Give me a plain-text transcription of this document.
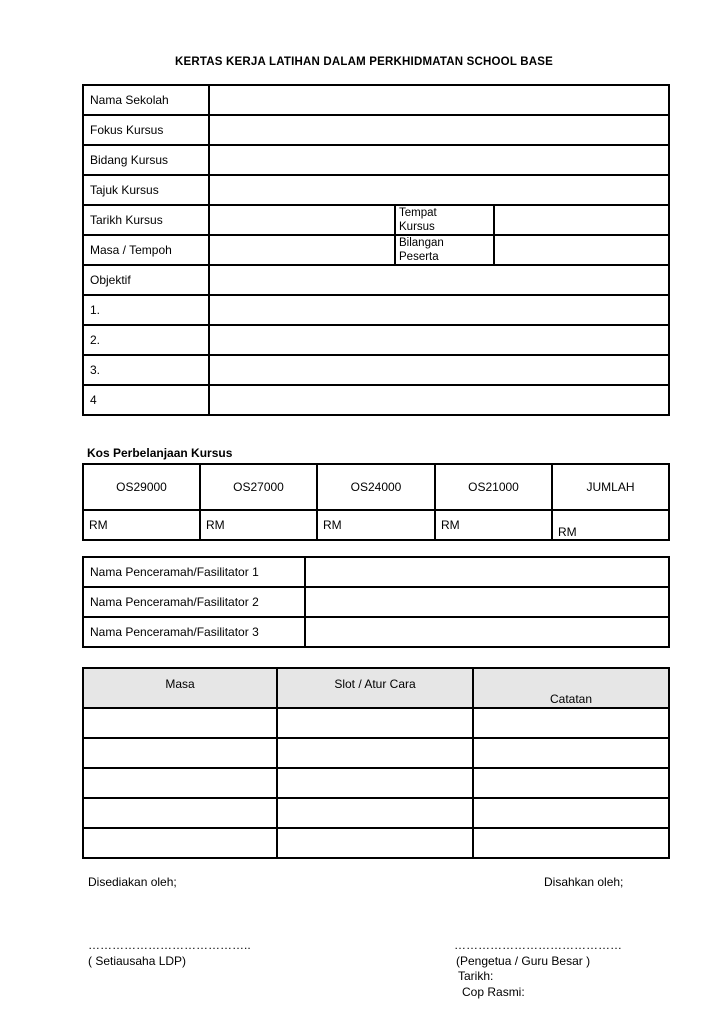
KERTAS KERJA LATIHAN DALAM PERKHIDMATAN SCHOOL BASE
Nama Sekolah			
Fokus Kursus			
Bidang Kursus			
Tajuk Kursus			
Tarikh Kursus		Tempat
Kursus	
Masa / Tempoh		Bilangan
Peserta	
Objektif			
1.			
2.			
3.			
4			
Kos Perbelanjaan Kursus
OS29000	OS27000	OS24000	OS21000	JUMLAH
RM	RM	RM	RM	RM
Nama Penceramah/Fasilitator 1	
Nama Penceramah/Fasilitator 2	
Nama Penceramah/Fasilitator 3	
Masa	Slot / Atur Cara	Catatan

Disediakan oleh;	Disahkan oleh;
…………………………………..	……………………………………
( Setiausaha LDP)	(Pengetua / Guru Besar )
Tarikh:
Cop Rasmi:
